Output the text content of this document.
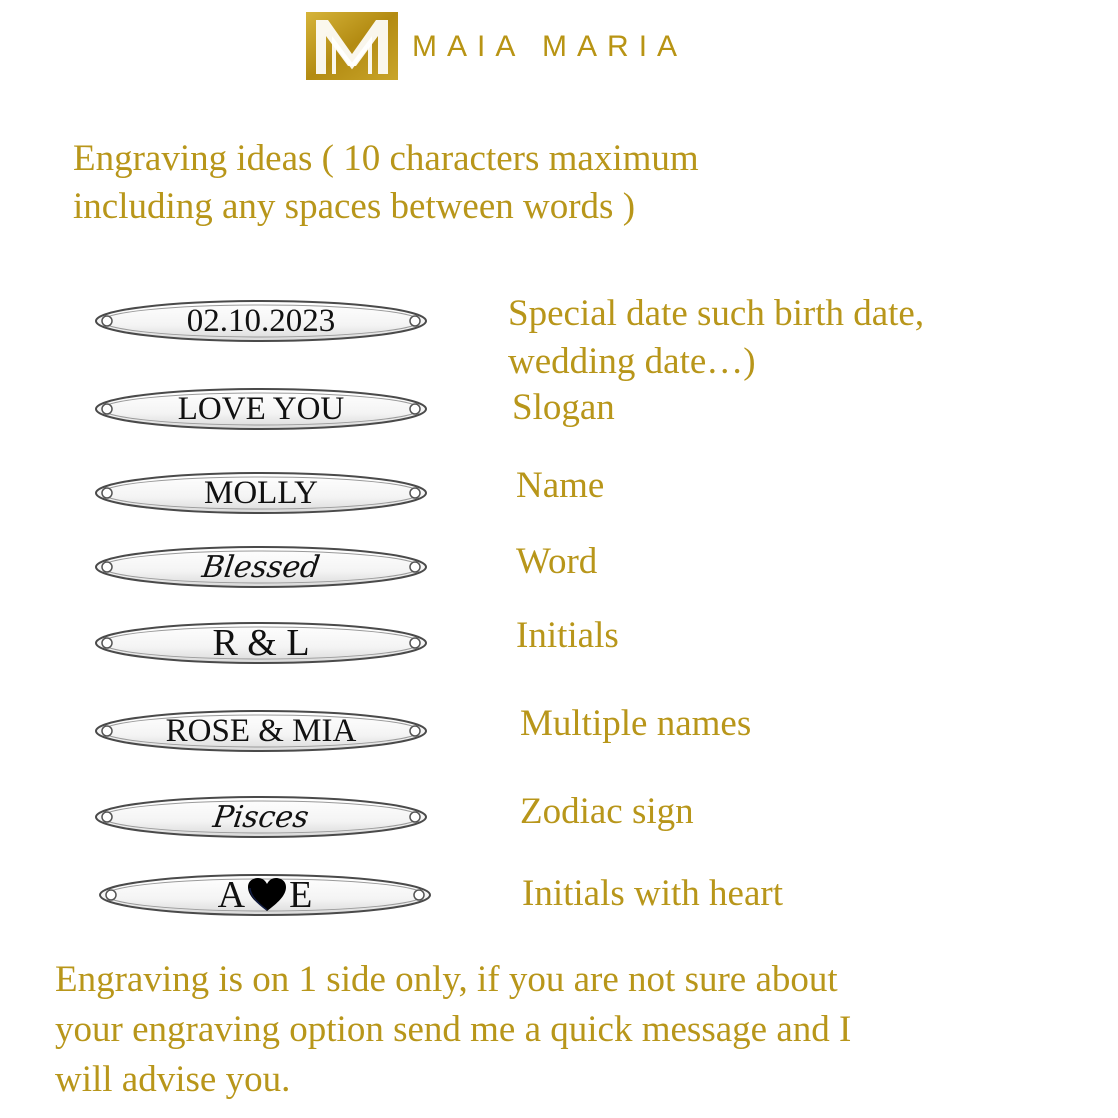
MAIA MARIA
Engraving ideas ( 10 characters maximum
including any spaces between words )
02.10.2023	Special date such birth date,
wedding date…)
LOVE YOU	Slogan
MOLLY	Name
Blessed	Word
R & L	Initials
ROSE & MIA	Multiple names
Pisces	Zodiac sign
A E	Initials with heart
Engraving is on 1 side only, if you are not sure about
your engraving option send me a quick message and I
will advise you.
